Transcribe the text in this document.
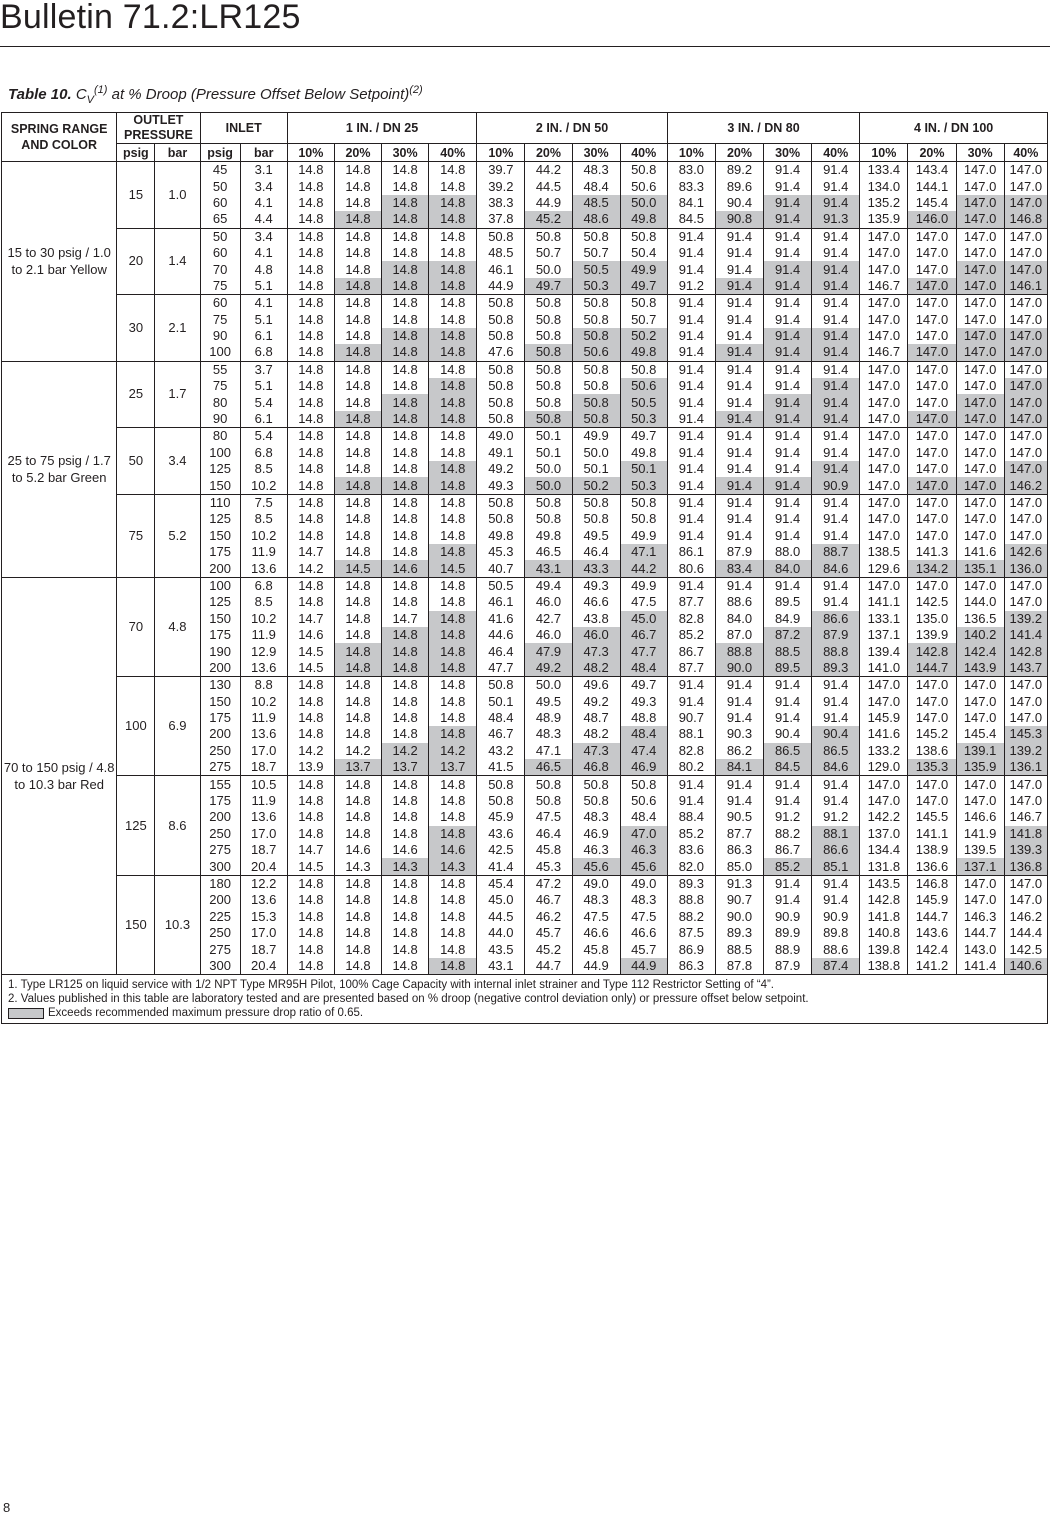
Bulletin 71.2:LR125
Table 10. $C_V^{(1)}$ at % Droop (Pressure Offset Below Setpoint)$^{(2)}$
SPRING RANGE AND COLOR	OUTLET PRESSURE		INLET		1 IN. / DN 25				2 IN. / DN 50				3 IN. / DN 80				4 IN. / DN 100			
	psig	bar	psig	bar	10%	20%	30%	40%	10%	20%	30%	40%	10%	20%	30%	40%	10%	20%	30%	40%
15 to 30 psig / 1.0 to 2.1 bar Yellow	15	1.0	45	3.1	14.8	14.8	14.8	14.8	39.7	44.2	48.3	50.8	83.0	89.2	91.4	91.4	133.4	143.4	147.0	147.0
			50	3.4	14.8	14.8	14.8	14.8	39.2	44.5	48.4	50.6	83.3	89.6	91.4	91.4	134.0	144.1	147.0	147.0
			60	4.1	14.8	14.8	14.8	14.8	38.3	44.9	48.5	50.0	84.1	90.4	91.4	91.4	135.2	145.4	147.0	147.0
			65	4.4	14.8	14.8	14.8	14.8	37.8	45.2	48.6	49.8	84.5	90.8	91.4	91.3	135.9	146.0	147.0	146.8
	20	1.4	50	3.4	14.8	14.8	14.8	14.8	50.8	50.8	50.8	50.8	91.4	91.4	91.4	91.4	147.0	147.0	147.0	147.0
			60	4.1	14.8	14.8	14.8	14.8	48.5	50.7	50.7	50.4	91.4	91.4	91.4	91.4	147.0	147.0	147.0	147.0
			70	4.8	14.8	14.8	14.8	14.8	46.1	50.0	50.5	49.9	91.4	91.4	91.4	91.4	147.0	147.0	147.0	147.0
			75	5.1	14.8	14.8	14.8	14.8	44.9	49.7	50.3	49.7	91.2	91.4	91.4	91.4	146.7	147.0	147.0	146.1
	30	2.1	60	4.1	14.8	14.8	14.8	14.8	50.8	50.8	50.8	50.8	91.4	91.4	91.4	91.4	147.0	147.0	147.0	147.0
			75	5.1	14.8	14.8	14.8	14.8	50.8	50.8	50.8	50.7	91.4	91.4	91.4	91.4	147.0	147.0	147.0	147.0
			90	6.1	14.8	14.8	14.8	14.8	50.8	50.8	50.8	50.2	91.4	91.4	91.4	91.4	147.0	147.0	147.0	147.0
			100	6.8	14.8	14.8	14.8	14.8	47.6	50.8	50.6	49.8	91.4	91.4	91.4	91.4	146.7	147.0	147.0	147.0
25 to 75 psig / 1.7 to 5.2 bar Green	25	1.7	55	3.7	14.8	14.8	14.8	14.8	50.8	50.8	50.8	50.8	91.4	91.4	91.4	91.4	147.0	147.0	147.0	147.0
			75	5.1	14.8	14.8	14.8	14.8	50.8	50.8	50.8	50.6	91.4	91.4	91.4	91.4	147.0	147.0	147.0	147.0
			80	5.4	14.8	14.8	14.8	14.8	50.8	50.8	50.8	50.5	91.4	91.4	91.4	91.4	147.0	147.0	147.0	147.0
			90	6.1	14.8	14.8	14.8	14.8	50.8	50.8	50.8	50.3	91.4	91.4	91.4	91.4	147.0	147.0	147.0	147.0
	50	3.4	80	5.4	14.8	14.8	14.8	14.8	49.0	50.1	49.9	49.7	91.4	91.4	91.4	91.4	147.0	147.0	147.0	147.0
			100	6.8	14.8	14.8	14.8	14.8	49.1	50.1	50.0	49.8	91.4	91.4	91.4	91.4	147.0	147.0	147.0	147.0
			125	8.5	14.8	14.8	14.8	14.8	49.2	50.0	50.1	50.1	91.4	91.4	91.4	91.4	147.0	147.0	147.0	147.0
			150	10.2	14.8	14.8	14.8	14.8	49.3	50.0	50.2	50.3	91.4	91.4	91.4	90.9	147.0	147.0	147.0	146.2
	75	5.2	110	7.5	14.8	14.8	14.8	14.8	50.8	50.8	50.8	50.8	91.4	91.4	91.4	91.4	147.0	147.0	147.0	147.0
			125	8.5	14.8	14.8	14.8	14.8	50.8	50.8	50.8	50.8	91.4	91.4	91.4	91.4	147.0	147.0	147.0	147.0
			150	10.2	14.8	14.8	14.8	14.8	49.8	49.8	49.5	49.9	91.4	91.4	91.4	91.4	147.0	147.0	147.0	147.0
			175	11.9	14.7	14.8	14.8	14.8	45.3	46.5	46.4	47.1	86.1	87.9	88.0	88.7	138.5	141.3	141.6	142.6
			200	13.6	14.2	14.5	14.6	14.5	40.7	43.1	43.3	44.2	80.6	83.4	84.0	84.6	129.6	134.2	135.1	136.0
70 to 150 psig / 4.8 to 10.3 bar Red	70	4.8	100	6.8	14.8	14.8	14.8	14.8	50.5	49.4	49.3	49.9	91.4	91.4	91.4	91.4	147.0	147.0	147.0	147.0
			125	8.5	14.8	14.8	14.8	14.8	46.1	46.0	46.6	47.5	87.7	88.6	89.5	91.4	141.1	142.5	144.0	147.0
			150	10.2	14.7	14.8	14.7	14.8	41.6	42.7	43.8	45.0	82.8	84.0	84.9	86.6	133.1	135.0	136.5	139.2
			175	11.9	14.6	14.8	14.8	14.8	44.6	46.0	46.0	46.7	85.2	87.0	87.2	87.9	137.1	139.9	140.2	141.4
			190	12.9	14.5	14.8	14.8	14.8	46.4	47.9	47.3	47.7	86.7	88.8	88.5	88.8	139.4	142.8	142.4	142.8
			200	13.6	14.5	14.8	14.8	14.8	47.7	49.2	48.2	48.4	87.7	90.0	89.5	89.3	141.0	144.7	143.9	143.7
	100	6.9	130	8.8	14.8	14.8	14.8	14.8	50.8	50.0	49.6	49.7	91.4	91.4	91.4	91.4	147.0	147.0	147.0	147.0
			150	10.2	14.8	14.8	14.8	14.8	50.1	49.5	49.2	49.3	91.4	91.4	91.4	91.4	147.0	147.0	147.0	147.0
			175	11.9	14.8	14.8	14.8	14.8	48.4	48.9	48.7	48.8	90.7	91.4	91.4	91.4	145.9	147.0	147.0	147.0
			200	13.6	14.8	14.8	14.8	14.8	46.7	48.3	48.2	48.4	88.1	90.3	90.4	90.4	141.6	145.2	145.4	145.3
			250	17.0	14.2	14.2	14.2	14.2	43.2	47.1	47.3	47.4	82.8	86.2	86.5	86.5	133.2	138.6	139.1	139.2
			275	18.7	13.9	13.7	13.7	13.7	41.5	46.5	46.8	46.9	80.2	84.1	84.5	84.6	129.0	135.3	135.9	136.1
	125	8.6	155	10.5	14.8	14.8	14.8	14.8	50.8	50.8	50.8	50.8	91.4	91.4	91.4	91.4	147.0	147.0	147.0	147.0
			175	11.9	14.8	14.8	14.8	14.8	50.8	50.8	50.8	50.6	91.4	91.4	91.4	91.4	147.0	147.0	147.0	147.0
			200	13.6	14.8	14.8	14.8	14.8	45.9	47.5	48.3	48.4	88.4	90.5	91.2	91.2	142.2	145.5	146.6	146.7
			250	17.0	14.8	14.8	14.8	14.8	43.6	46.4	46.9	47.0	85.2	87.7	88.2	88.1	137.0	141.1	141.9	141.8
			275	18.7	14.7	14.6	14.6	14.6	42.5	45.8	46.3	46.3	83.6	86.3	86.7	86.6	134.4	138.9	139.5	139.3
			300	20.4	14.5	14.3	14.3	14.3	41.4	45.3	45.6	45.6	82.0	85.0	85.2	85.1	131.8	136.6	137.1	136.8
	150	10.3	180	12.2	14.8	14.8	14.8	14.8	45.4	47.2	49.0	49.0	89.3	91.3	91.4	91.4	143.5	146.8	147.0	147.0
			200	13.6	14.8	14.8	14.8	14.8	45.0	46.7	48.3	48.3	88.8	90.7	91.4	91.4	142.8	145.9	147.0	147.0
			225	15.3	14.8	14.8	14.8	14.8	44.5	46.2	47.5	47.5	88.2	90.0	90.9	90.9	141.8	144.7	146.3	146.2
			250	17.0	14.8	14.8	14.8	14.8	44.0	45.7	46.6	46.6	87.5	89.3	89.9	89.8	140.8	143.6	144.7	144.4
			275	18.7	14.8	14.8	14.8	14.8	43.5	45.2	45.8	45.7	86.9	88.5	88.9	88.6	139.8	142.4	143.0	142.5
			300	20.4	14.8	14.8	14.8	14.8	43.1	44.7	44.9	44.9	86.3	87.8	87.9	87.4	138.8	141.2	141.4	140.6

1. Type LR125 on liquid service with 1/2 NPT Type MR95H Pilot, 100% Cage Capacity with internal inlet strainer and Type 112 Restrictor Setting of “4”.
2. Values published in this table are laboratory tested and are presented based on % droop (negative control deviation only) or pressure offset below setpoint.
Exceeds recommended maximum pressure drop ratio of 0.65.																				
8
